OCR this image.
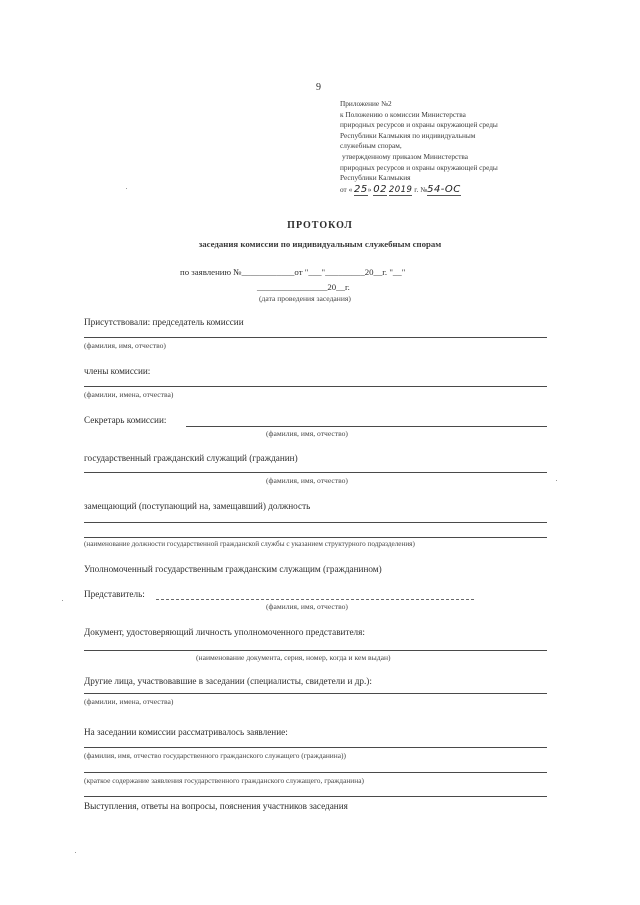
9
Приложение №2
к Положению о комиссии Министерства
природных ресурсов и охраны окружающей среды
Республики Калмыкия по индивидуальным
служебным спорам,
утвержденному приказом Министерства
природных ресурсов и охраны окружающей среды
Республики Калмыкия
от « 25» 02 2019 г. №54-ОС
ПРОТОКОЛ
заседания комиссии по индивидуальным служебным спорам
по заявлению №____________от "___"_________20__г. "__"
________________20__г.
(дата проведения заседания)
Присутствовали: председатель комиссии
(фамилия, имя, отчество)
члены комиссии:
(фамилии, имена, отчества)
Секретарь комиссии:
(фамилия, имя, отчество)
государственный гражданский служащий (гражданин)
(фамилия, имя, отчество)
замещающий (поступающий на, замещавший) должность
(наименование должности государственной гражданской службы с указанием структурного подразделения)
Уполномоченный государственным гражданским служащим (гражданином)
Представитель:
(фамилия, имя, отчество)
Документ, удостоверяющий личность уполномоченного представителя:
(наименование документа, серия, номер, когда и кем выдан)
Другие лица, участвовавшие в заседании (специалисты, свидетели и др.):
(фамилии, имена, отчества)
На заседании комиссии рассматривалось заявление:
(фамилия, имя, отчество государственного гражданского служащего (гражданина))
(краткое содержание заявления государственного гражданского служащего, гражданина)
Выступления, ответы на вопросы, пояснения участников заседания
